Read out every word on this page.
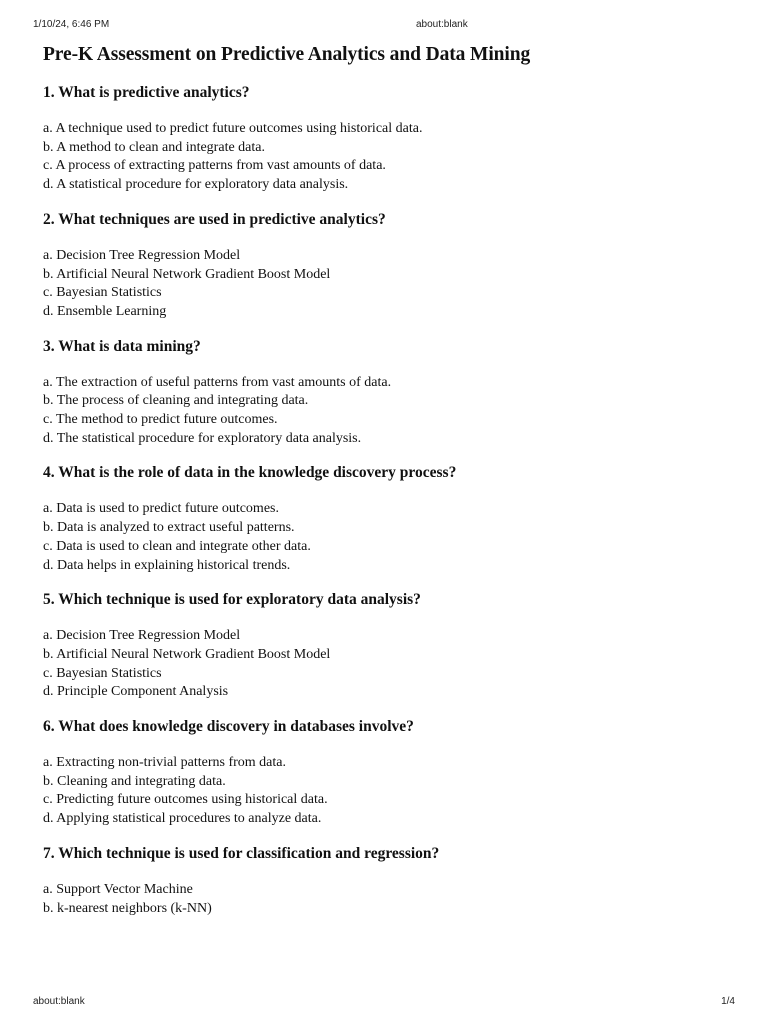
1/10/24, 6:46 PM	about:blank
Pre-K Assessment on Predictive Analytics and Data Mining
1. What is predictive analytics?
a. A technique used to predict future outcomes using historical data.
b. A method to clean and integrate data.
c. A process of extracting patterns from vast amounts of data.
d. A statistical procedure for exploratory data analysis.
2. What techniques are used in predictive analytics?
a. Decision Tree Regression Model
b. Artificial Neural Network Gradient Boost Model
c. Bayesian Statistics
d. Ensemble Learning
3. What is data mining?
a. The extraction of useful patterns from vast amounts of data.
b. The process of cleaning and integrating data.
c. The method to predict future outcomes.
d. The statistical procedure for exploratory data analysis.
4. What is the role of data in the knowledge discovery process?
a. Data is used to predict future outcomes.
b. Data is analyzed to extract useful patterns.
c. Data is used to clean and integrate other data.
d. Data helps in explaining historical trends.
5. Which technique is used for exploratory data analysis?
a. Decision Tree Regression Model
b. Artificial Neural Network Gradient Boost Model
c. Bayesian Statistics
d. Principle Component Analysis
6. What does knowledge discovery in databases involve?
a. Extracting non-trivial patterns from data.
b. Cleaning and integrating data.
c. Predicting future outcomes using historical data.
d. Applying statistical procedures to analyze data.
7. Which technique is used for classification and regression?
a. Support Vector Machine
b. k-nearest neighbors (k-NN)
about:blank	1/4
